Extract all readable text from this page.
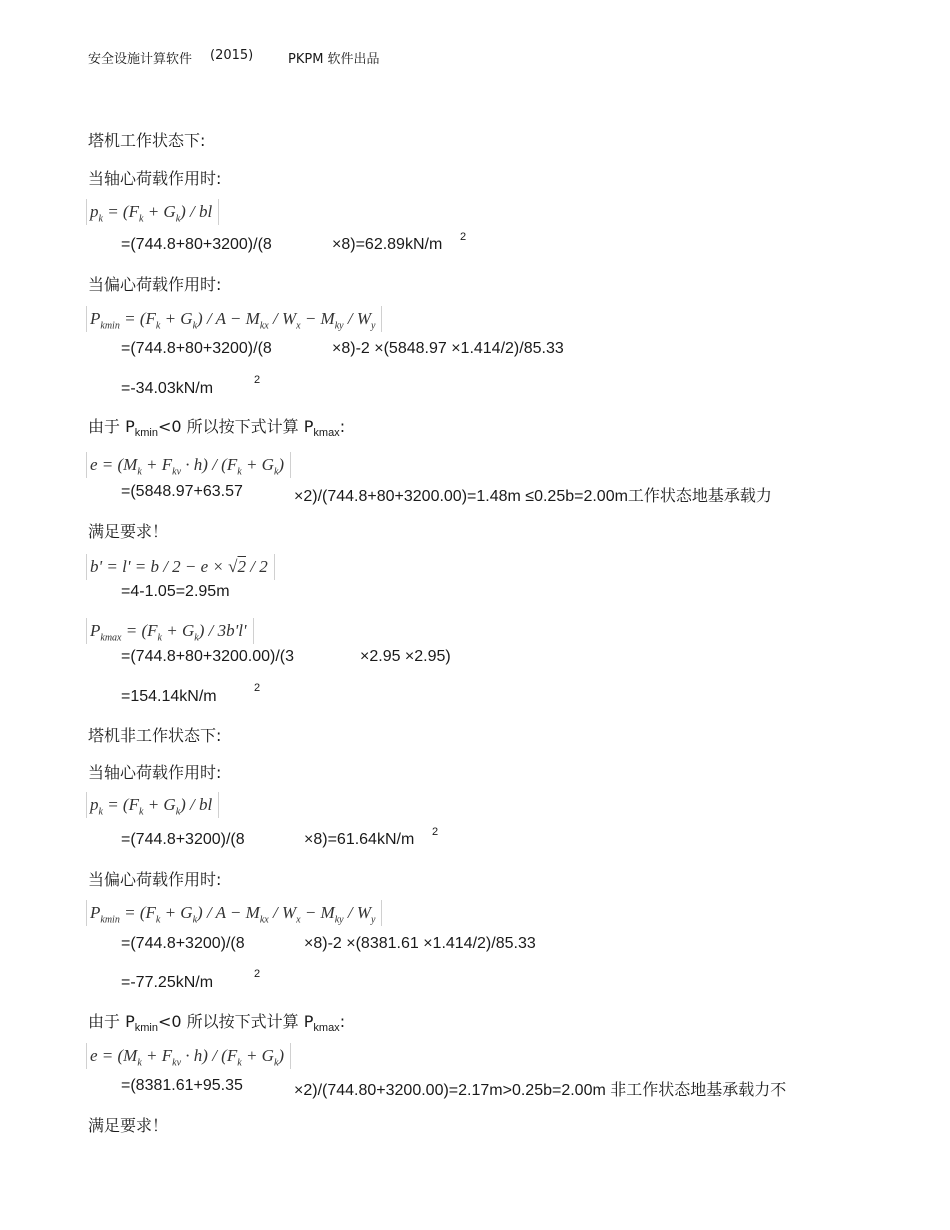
安全设施计算软件 (2015)	PKPM 软件出品
塔机工作状态下:
当轴心荷载作用时:
$p_k = (F_k + G_k)$ / bl
=(744.8+80+3200)/(8	×8)=62.89kN/m 2
当偏心荷载作用时:
$P_{kmin} = (F_k + G_k) / A - M_{kx} / W_x - M_{ky} / W_y$
=(744.8+80+3200)/(8	×8)-2 ×(5848.97 ×1.414/2)/85.33
=-34.03kN/m	2
由于 $P_{kmin}<0$ 所以按下式计算 $P_{kmax}$:
$e = (M_k + F_{kv} \cdot h) / (F_k + G_k)$
=(5848.97+63.57	×2)/(744.8+80+3200.00)=1.48m ≤0.25b=2.00m工作状态地基承载力
满足要求！
b' = l' = b / 2 − e × √2 / 2
=4-1.05=2.95m
$P_{kmax} = (F_k + G_k) / 3b'l'$
=(744.8+80+3200.00)/(3	×2.95 ×2.95)
=154.14kN/m	2
塔机非工作状态下:
当轴心荷载作用时:
$p_k = (F_k + G_k)$ / bl
=(744.8+3200)/(8	×8)=61.64kN/m 2
当偏心荷载作用时:
$P_{kmin} = (F_k + G_k) / A - M_{kx} / W_x - M_{ky} / W_y$
=(744.8+3200)/(8	×8)-2 ×(8381.61 ×1.414/2)/85.33
=-77.25kN/m	2
由于 $P_{kmin}<0$ 所以按下式计算 $P_{kmax}$:
$e = (M_k + F_{kv} \cdot h) / (F_k + G_k)$
=(8381.61+95.35	×2)/(744.80+3200.00)=2.17m>0.25b=2.00m 非工作状态地基承载力不
满足要求！
